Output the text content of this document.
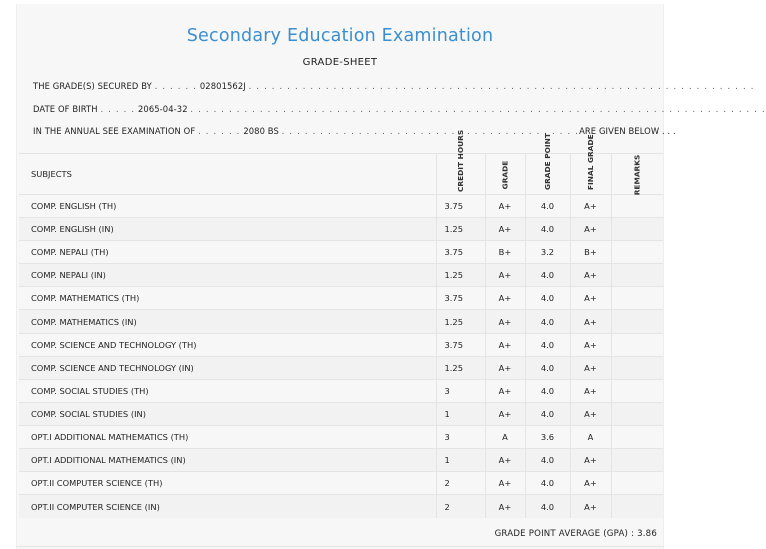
Secondary Education Examination
GRADE-SHEET
THE GRADE(S) SECURED BY . . . . . . 02801562J . . . . . . . . . . . . . . . . . . . . . . . . . . . . . . . . . . . . . . . . . . . . . . . . . . . . . . . . . . . . . . . . . .
DATE OF BIRTH . . . . . 2065-04-32 . . . . . . . . . . . . . . . . . . . . . . . . . . . . . . . . . . . . . . . . . . . . . . . . . . . . . . . . . . . . . . . . . . . . . . . . . . .
IN THE ANNUAL SEE EXAMINATION OF . . . . . . 2080 BS . . . . . . . . . . . . . . . . . . . . . . . . . . . . . . . . . . . . . . .ARE GIVEN BELOW . . .
SUBJECTS	CREDIT HOURS	GRADE	GRADE POINT	FINAL GRADE	REMARKS
COMP. ENGLISH (TH)	3.75	A+	4.0	A+	
COMP. ENGLISH (IN)	1.25	A+	4.0	A+	
COMP. NEPALI (TH)	3.75	B+	3.2	B+	
COMP. NEPALI (IN)	1.25	A+	4.0	A+	
COMP. MATHEMATICS (TH)	3.75	A+	4.0	A+	
COMP. MATHEMATICS (IN)	1.25	A+	4.0	A+	
COMP. SCIENCE AND TECHNOLOGY (TH)	3.75	A+	4.0	A+	
COMP. SCIENCE AND TECHNOLOGY (IN)	1.25	A+	4.0	A+	
COMP. SOCIAL STUDIES (TH)	3	A+	4.0	A+	
COMP. SOCIAL STUDIES (IN)	1	A+	4.0	A+	
OPT.I ADDITIONAL MATHEMATICS (TH)	3	A	3.6	A	
OPT.I ADDITIONAL MATHEMATICS (IN)	1	A+	4.0	A+	
OPT.II COMPUTER SCIENCE (TH)	2	A+	4.0	A+	
OPT.II COMPUTER SCIENCE (IN)	2	A+	4.0	A+	
GRADE POINT AVERAGE (GPA) : 3.86
